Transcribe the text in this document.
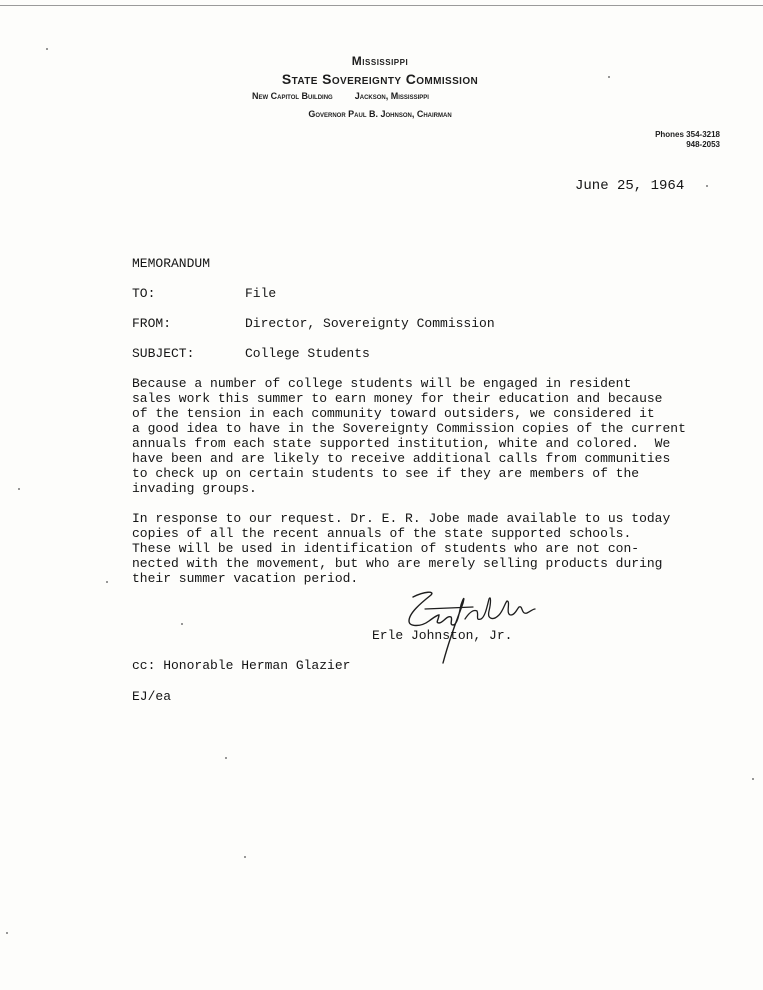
Mississippi
State Sovereignty Commission
New Capitol Building Jackson, Mississippi
Governor Paul B. Johnson, Chairman
Phones 354-3218
948-2053
June 25, 1964
MEMORANDUM
TO:	File
FROM:	Director, Sovereignty Commission
SUBJECT:	College Students
Because a number of college students will be engaged in resident
sales work this summer to earn money for their education and because
of the tension in each community toward outsiders, we considered it
a good idea to have in the Sovereignty Commission copies of the current
annuals from each state supported institution, white and colored.  We
have been and are likely to receive additional calls from communities
to check up on certain students to see if they are members of the
invading groups.
In response to our request. Dr. E. R. Jobe made available to us today
copies of all the recent annuals of the state supported schools.
These will be used in identification of students who are not con-
nected with the movement, but who are merely selling products during
their summer vacation period.
Erle Johnston, Jr.
cc: Honorable Herman Glazier
EJ/ea
